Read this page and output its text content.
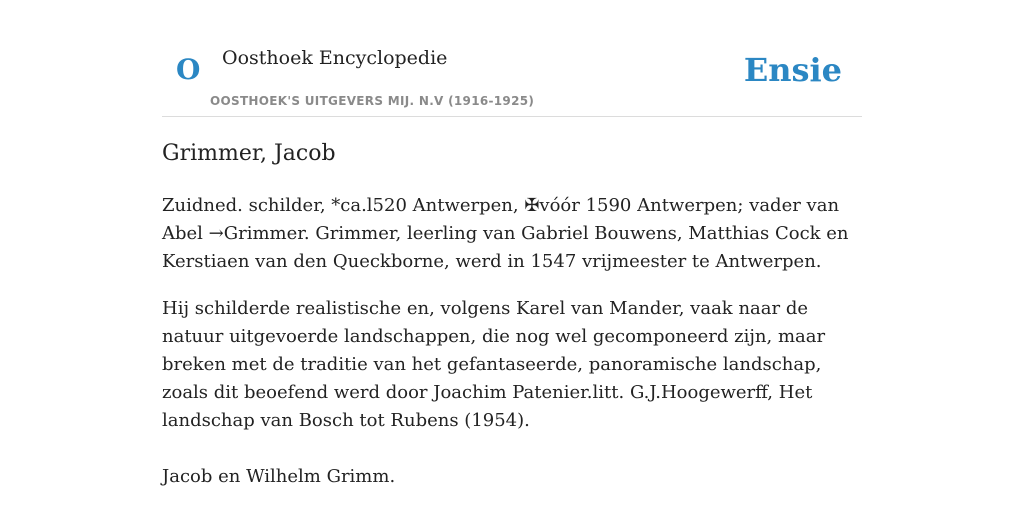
O Oosthoek Encyclopedie
OOSTHOEK'S UITGEVERS MIJ. N.V (1916-1925)
Ensie
Grimmer, Jacob

Zuidned. schilder, *ca.l520 Antwerpen, ✠vóór 1590 Antwerpen; vader van Abel →Grimmer. Grimmer, leerling van Gabriel Bouwens, Matthias Cock en Kerstiaen van den Queckborne, werd in 1547 vrijmeester te Antwerpen.

Hij schilderde realistische en, volgens Karel van Mander, vaak naar de natuur uitgevoerde landschappen, die nog wel gecomponeerd zijn, maar breken met de traditie van het gefantaseerde, panoramische landschap, zoals dit beoefend werd door Joachim Patenier.litt. G.J.Hoogewerff, Het landschap van Bosch tot Rubens (1954).

Jacob en Wilhelm Grimm.
